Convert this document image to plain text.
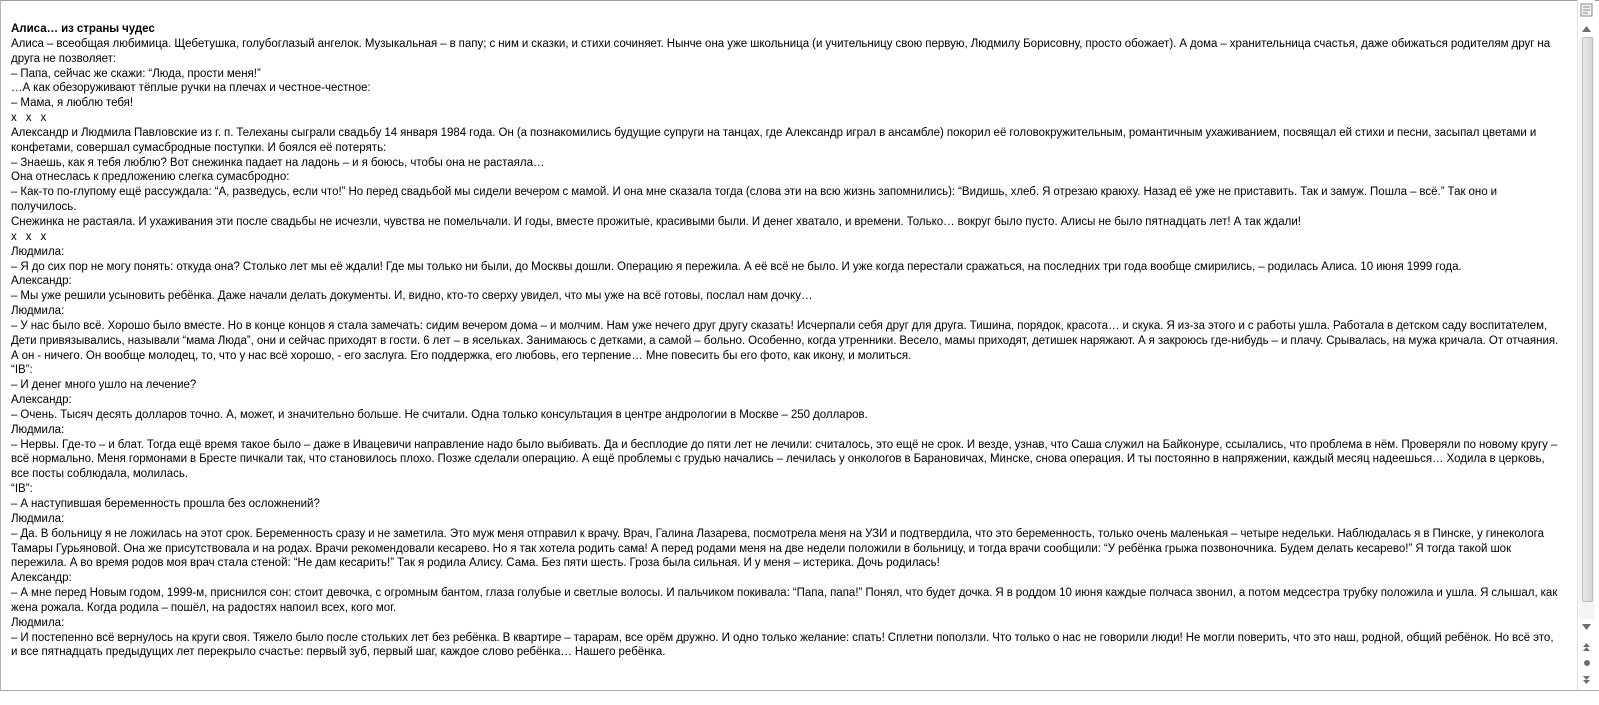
Алиса… из страны чудес

Алиса – всеобщая любимица. Щебетушка, голубоглазый ангелок. Музыкальная – в папу; с ним и сказки, и стихи сочиняет. Нынче она уже школьница (и учительницу свою первую, Людмилу Борисовну, просто обожает). А дома – хранительница счастья, даже обижаться родителям друг на друга не позволяет:

– Папа, сейчас же скажи: “Люда, прости меня!”

…А как обезоруживают тёплые ручки на плечах и честное-честное:

– Мама, я люблю тебя!

x x x

Александр и Людмила Павловские из г. п. Телеханы сыграли свадьбу 14 января 1984 года. Он (а познакомились будущие супруги на танцах, где Александр играл в ансамбле) покорил её головокружительным, романтичным ухаживанием, посвящал ей стихи и песни, засыпал цветами и конфетами, совершал сумасбродные поступки. И боялся её потерять:

– Знаешь, как я тебя люблю? Вот снежинка падает на ладонь – и я боюсь, чтобы она не растаяла…

Она отнеслась к предложению слегка сумасбродно:

– Как-то по-глупому ещё рассуждала: “А, разведусь, если что!” Но перед свадьбой мы сидели вечером с мамой. И она мне сказала тогда (слова эти на всю жизнь запомнились): “Видишь, хлеб. Я отрезаю краюху. Назад её уже не приставить. Так и замуж. Пошла – всё.” Так оно и получилось.

Снежинка не растаяла. И ухаживания эти после свадьбы не исчезли, чувства не помельчали. И годы, вместе прожитые, красивыми были. И денег хватало, и времени. Только… вокруг было пусто. Алисы не было пятнадцать лет! А так ждали!

x x x

Людмила:

– Я до сих пор не могу понять: откуда она? Столько лет мы её ждали! Где мы только ни были, до Москвы дошли. Операцию я пережила. А её всё не было. И уже когда перестали сражаться, на последних три года вообще смирились, – родилась Алиса. 10 июня 1999 года.

Александр:

– Мы уже решили усыновить ребёнка. Даже начали делать документы. И, видно, кто-то сверху увидел, что мы уже на всё готовы, послал нам дочку…

Людмила:

– У нас было всё. Хорошо было вместе. Но в конце концов я стала замечать: сидим вечером дома – и молчим. Нам уже нечего друг другу сказать! Исчерпали себя друг для друга. Тишина, порядок, красота… и скука. Я из-за этого и с работы ушла. Работала в детском саду воспитателем, Дети привязывались, называли “мама Люда”, они и сейчас приходят в гости. 6 лет – в ясельках. Занимаюсь с детками, а самой – больно. Особенно, когда утренники. Весело, мамы приходят, детишек наряжают. А я закроюсь где-нибудь – и плачу. Срывалась, на мужа кричала. От отчаяния. А он - ничего. Он вообще молодец, то, что у нас всё хорошо, - его заслуга. Его поддержка, его любовь, его терпение… Мне повесить бы его фото, как икону, и молиться.

“IB”:

– И денег много ушло на лечение?

Александр:

– Очень. Тысяч десять долларов точно. А, может, и значительно больше. Не считали. Одна только консультация в центре андрологии в Москве – 250 долларов.

Людмила:

– Нервы. Где-то – и блат. Тогда ещё время такое было – даже в Ивацевичи направление надо было выбивать. Да и бесплодие до пяти лет не лечили: считалось, это ещё не срок. И везде, узнав, что Саша служил на Байконуре, ссылались, что проблема в нём. Проверяли по новому кругу – всё нормально. Меня гормонами в Бресте пичкали так, что становилось плохо. Позже сделали операцию. А ещё проблемы с грудью начались – лечилась у онкологов в Барановичах, Минске, снова операция. И ты постоянно в напряжении, каждый месяц надеешься… Ходила в церковь, все посты соблюдала, молилась.

“IB”:

– А наступившая беременность прошла без осложнений?

Людмила:

– Да. В больницу я не ложилась на этот срок. Беременность сразу и не заметила. Это муж меня отправил к врачу. Врач, Галина Лазарева, посмотрела меня на УЗИ и подтвердила, что это беременность, только очень маленькая – четыре недельки. Наблюдалась я в Пинске, у гинеколога Тамары Гурьяновой. Она же присутствовала и на родах. Врачи рекомендовали кесарево. Но я так хотела родить сама! А перед родами меня на две недели положили в больницу, и тогда врачи сообщили: “У ребёнка грыжа позвоночника. Будем делать кесарево!” Я тогда такой шок пережила. А во время родов моя врач стала стеной: “Не дам кесарить!” Так я родила Алису. Сама. Без пяти шесть. Гроза была сильная. И у меня – истерика. Дочь родилась!

Александр:

– А мне перед Новым годом, 1999-м, приснился сон: стоит девочка, с огромным бантом, глаза голубые и светлые волосы. И пальчиком покивала: “Папа, папа!” Понял, что будет дочка. Я в роддом 10 июня каждые полчаса звонил, а потом медсестра трубку положила и ушла. Я слышал, как жена рожала. Когда родила – пошёл, на радостях напоил всех, кого мог.

Людмила:

– И постепенно всё вернулось на круги своя. Тяжело было после стольких лет без ребёнка. В квартире – тарарам, все орём дружно. И одно только желание: спать! Сплетни поползли. Что только о нас не говорили люди! Не могли поверить, что это наш, родной, общий ребёнок. Но всё это, и все пятнадцать предыдущих лет перекрыло счастье: первый зуб, первый шаг, каждое слово ребёнка… Нашего ребёнка.
